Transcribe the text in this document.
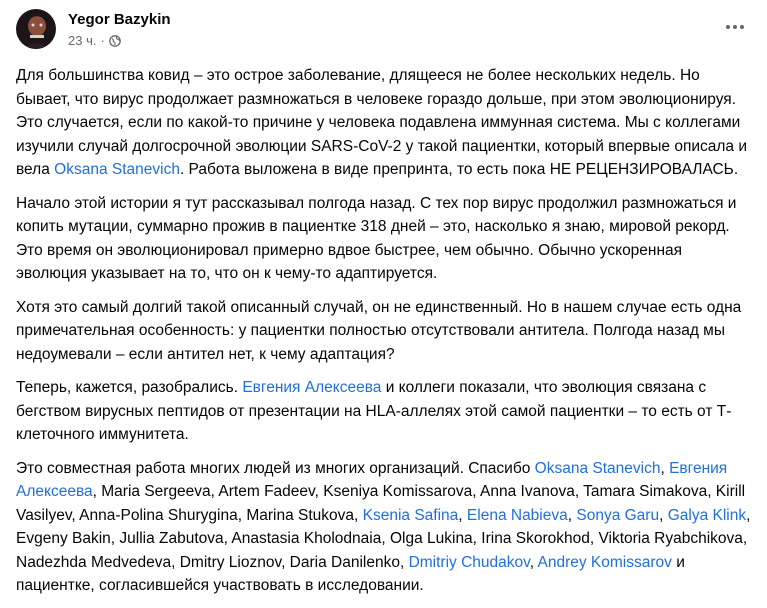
Yegor Bazykin
23 ч. ·

Для большинства ковид – это острое заболевание, длящееся не более нескольких недель. Но бывает, что вирус продолжает размножаться в человеке гораздо дольше, при этом эволюционируя. Это случается, если по какой-то причине у человека подавлена иммунная система. Мы с коллегами изучили случай долгосрочной эволюции SARS-CoV-2 у такой пациентки, который впервые описала и вела Oksana Stanevich. Работа выложена в виде препринта, то есть пока НЕ РЕЦЕНЗИРОВАЛАСЬ.

Начало этой истории я тут рассказывал полгода назад. С тех пор вирус продолжил размножаться и копить мутации, суммарно прожив в пациентке 318 дней – это, насколько я знаю, мировой рекорд. Это время он эволюционировал примерно вдвое быстрее, чем обычно. Обычно ускоренная эволюция указывает на то, что он к чему-то адаптируется.

Хотя это самый долгий такой описанный случай, он не единственный. Но в нашем случае есть одна примечательная особенность: у пациентки полностью отсутствовали антитела. Полгода назад мы недоумевали – если антител нет, к чему адаптация?

Теперь, кажется, разобрались. Евгения Алексеева и коллеги показали, что эволюция связана с бегством вирусных пептидов от презентации на HLA-аллелях этой самой пациентки – то есть от Т-клеточного иммунитета.

Это совместная работа многих людей из многих организаций. Спасибо Oksana Stanevich, Евгения Алексеева, Maria Sergeeva, Artem Fadeev, Kseniya Komissarova, Anna Ivanova, Tamara Simakova, Kirill Vasilyev, Anna-Polina Shurygina, Marina Stukova, Ksenia Safina, Elena Nabieva, Sonya Garu, Galya Klink, Evgeny Bakin, Jullia Zabutova, Anastasia Kholodnaia, Olga Lukina, Irina Skorokhod, Viktoria Ryabchikova, Nadezhda Medvedeva, Dmitry Lioznov, Daria Danilenko, Dmitriy Chudakov, Andrey Komissarov и пациентке, согласившейся участвовать в исследовании.
